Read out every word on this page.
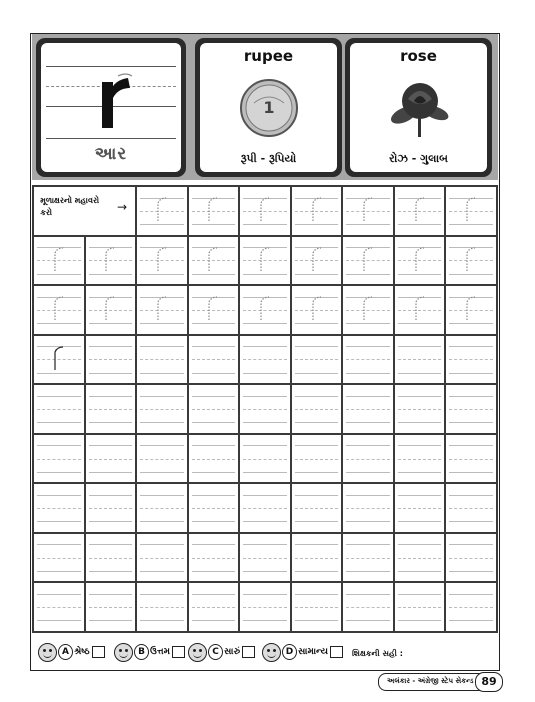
આર
rupee
1
રૂપી - રૂપિયો
rose
રોઝ - ગુલાબ
મૂળાક્ષરનો મહાવરો કરો	→
A શ્રેષ્ઠ	B ઉત્તમ	C સારું	D સામાન્ય	શિક્ષકની સહી :
અલંકાર - અંગ્રેજી સ્ટેપ સેકન્ડ 89
